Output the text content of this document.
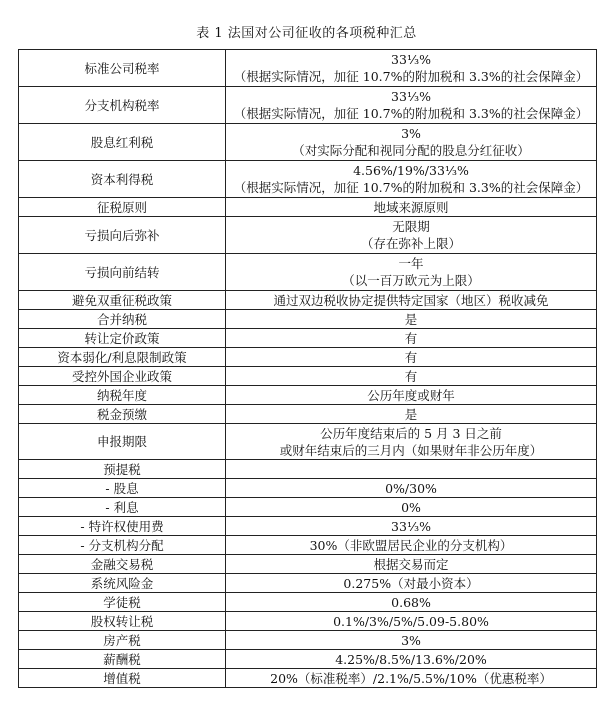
表 1 法国对公司征收的各项税种汇总
标准公司税率	33⅓%
（根据实际情况，加征 10.7%的附加税和 3.3%的社会保障金）

分支机构税率	33⅓%
（根据实际情况，加征 10.7%的附加税和 3.3%的社会保障金）

股息红利税	3%
（对实际分配和视同分配的股息分红征收）

资本利得税	4.56%/19%/33⅓%
（根据实际情况，加征 10.7%的附加税和 3.3%的社会保障金）

征税原则	地域来源原则

亏损向后弥补	无限期
（存在弥补上限）

亏损向前结转	一年
（以一百万欧元为上限）

避免双重征税政策	通过双边税收协定提供特定国家（地区）税收减免

合并纳税	是

转让定价政策	有

资本弱化/利息限制政策	有

受控外国企业政策	有

纳税年度	公历年度或财年

税金预缴	是

申报期限	公历年度结束后的 5 月 3 日之前
或财年结束后的三月内（如果财年非公历年度）

预提税	

- 股息	0%/30%

- 利息	0%

- 特许权使用费	33⅓%

- 分支机构分配	30%（非欧盟居民企业的分支机构）

金融交易税	根据交易而定

系统风险金	0.275%（对最小资本）

学徒税	0.68%

股权转让税	0.1%/3%/5%/5.09-5.80%

房产税	3%

薪酬税	4.25%/8.5%/13.6%/20%

增值税	20%（标准税率）/2.1%/5.5%/10%（优惠税率）
